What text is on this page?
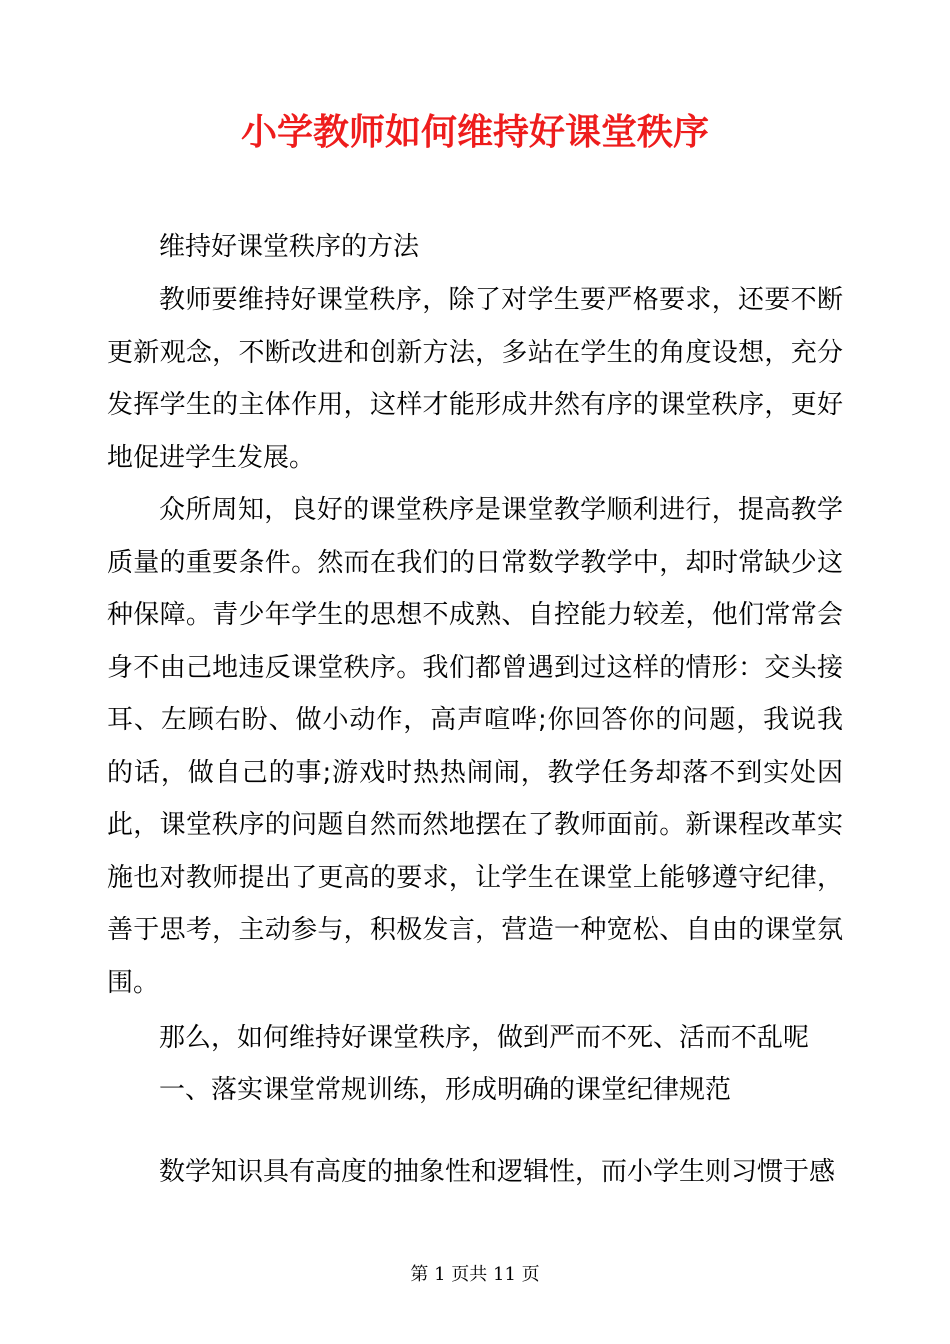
小学教师如何维持好课堂秩序

维持好课堂秩序的方法

教师要维持好课堂秩序，除了对学生要严格要求，还要不断更新观念，不断改进和创新方法，多站在学生的角度设想，充分发挥学生的主体作用，这样才能形成井然有序的课堂秩序，更好地促进学生发展。

众所周知，良好的课堂秩序是课堂教学顺利进行，提高教学质量的重要条件。然而在我们的日常数学教学中，却时常缺少这种保障。青少年学生的思想不成熟、自控能力较差，他们常常会身不由己地违反课堂秩序。我们都曾遇到过这样的情形：交头接耳、左顾右盼、做小动作，高声喧哗;你回答你的问题，我说我的话，做自己的事;游戏时热热闹闹，教学任务却落不到实处因此，课堂秩序的问题自然而然地摆在了教师面前。新课程改革实施也对教师提出了更高的要求，让学生在课堂上能够遵守纪律，善于思考，主动参与，积极发言，营造一种宽松、自由的课堂氛围。

那么，如何维持好课堂秩序，做到严而不死、活而不乱呢

一、落实课堂常规训练，形成明确的课堂纪律规范

数学知识具有高度的抽象性和逻辑性，而小学生则习惯于感

第 1 页共 11 页
